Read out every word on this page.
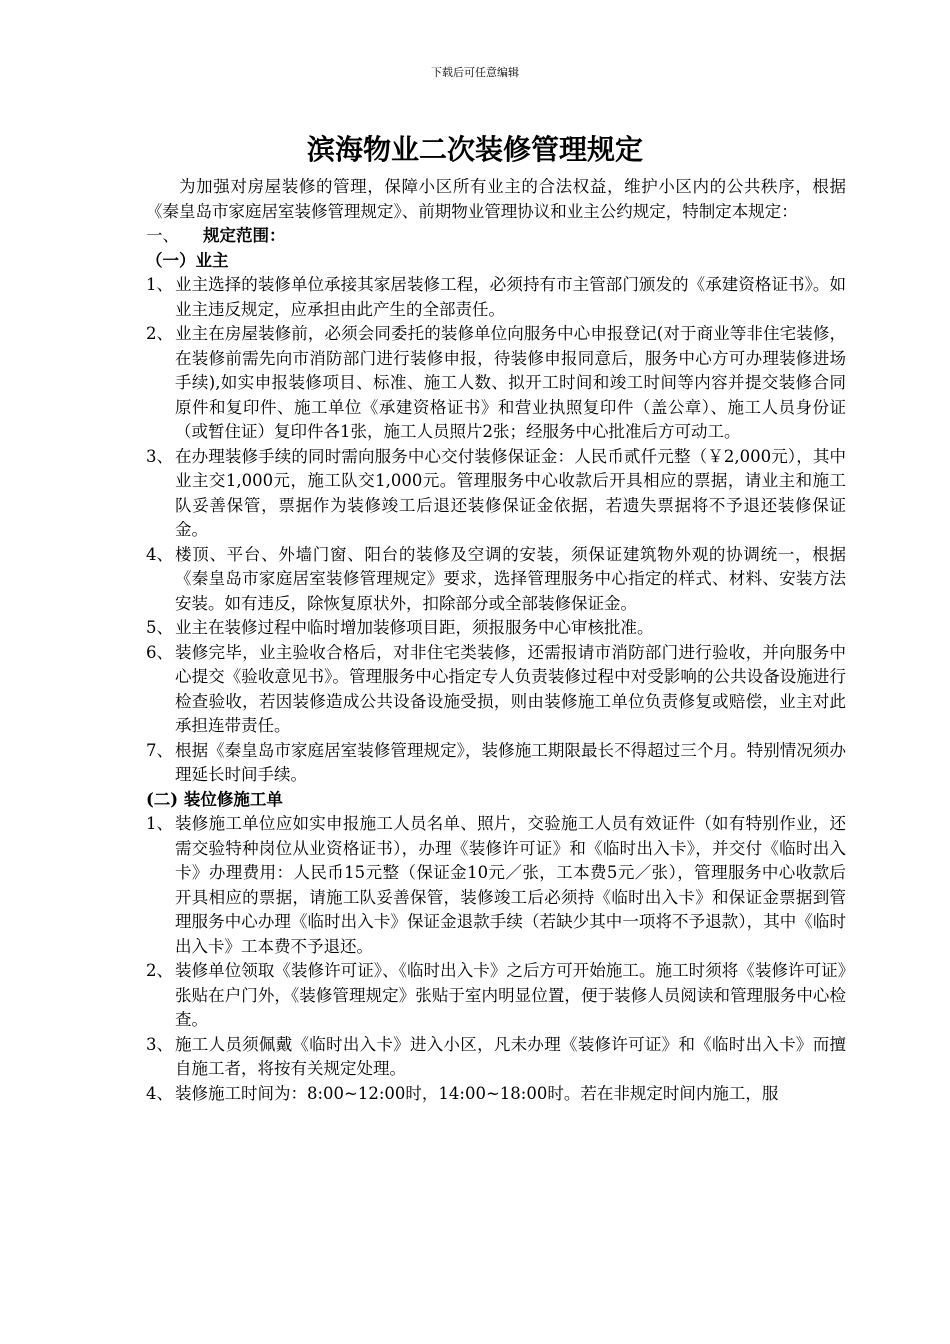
下载后可任意编辑
滨海物业二次装修管理规定

为加强对房屋装修的管理，保障小区所有业主的合法权益，维护小区内的公共秩序，根据《秦皇岛市家庭居室装修管理规定》、前期物业管理协议和业主公约规定，特制定本规定：

一、 规定范围：

（一）业主

1、 业主选择的装修单位承接其家居装修工程，必须持有市主管部门颁发的《承建资格证书》。如业主违反规定，应承担由此产生的全部责任。
2、 业主在房屋装修前，必须会同委托的装修单位向服务中心申报登记(对于商业等非住宅装修，在装修前需先向市消防部门进行装修申报，待装修申报同意后，服务中心方可办理装修进场手续),如实申报装修项目、标准、施工人数、拟开工时间和竣工时间等内容并提交装修合同原件和复印件、施工单位《承建资格证书》和营业执照复印件（盖公章）、施工人员身份证（或暂住证）复印件各1张，施工人员照片2张；经服务中心批准后方可动工。
3、 在办理装修手续的同时需向服务中心交付装修保证金：人民币贰仟元整（￥2,000元），其中业主交1,000元，施工队交1,000元。管理服务中心收款后开具相应的票据，请业主和施工队妥善保管，票据作为装修竣工后退还装修保证金依据，若遗失票据将不予退还装修保证金。
4、 楼顶、平台、外墙门窗、阳台的装修及空调的安装，须保证建筑物外观的协调统一，根据《秦皇岛市家庭居室装修管理规定》要求，选择管理服务中心指定的样式、材料、安装方法安装。如有违反，除恢复原状外，扣除部分或全部装修保证金。
5、 业主在装修过程中临时增加装修项目距，须报服务中心审核批准。
6、 装修完毕，业主验收合格后，对非住宅类装修，还需报请市消防部门进行验收，并向服务中心提交《验收意见书》。管理服务中心指定专人负责装修过程中对受影响的公共设备设施进行检查验收，若因装修造成公共设备设施受损，则由装修施工单位负责修复或赔偿，业主对此承担连带责任。
7、 根据《秦皇岛市家庭居室装修管理规定》，装修施工期限最长不得超过三个月。特别情况须办理延长时间手续。

(二) 装位修施工单

1、 装修施工单位应如实申报施工人员名单、照片，交验施工人员有效证件（如有特别作业，还需交验特种岗位从业资格证书），办理《装修许可证》和《临时出入卡》，并交付《临时出入卡》办理费用：人民币15元整（保证金10元／张，工本费5元／张），管理服务中心收款后开具相应的票据，请施工队妥善保管，装修竣工后必须持《临时出入卡》和保证金票据到管理服务中心办理《临时出入卡》保证金退款手续（若缺少其中一项将不予退款），其中《临时出入卡》工本费不予退还。
2、 装修单位领取《装修许可证》、《临时出入卡》之后方可开始施工。施工时须将《装修许可证》张贴在户门外，《装修管理规定》张贴于室内明显位置，便于装修人员阅读和管理服务中心检查。
3、 施工人员须佩戴《临时出入卡》进入小区，凡未办理《装修许可证》和《临时出入卡》而擅自施工者，将按有关规定处理。
4、 装修施工时间为：8:00~12:00时，14:00~18:00时。若在非规定时间内施工，服
